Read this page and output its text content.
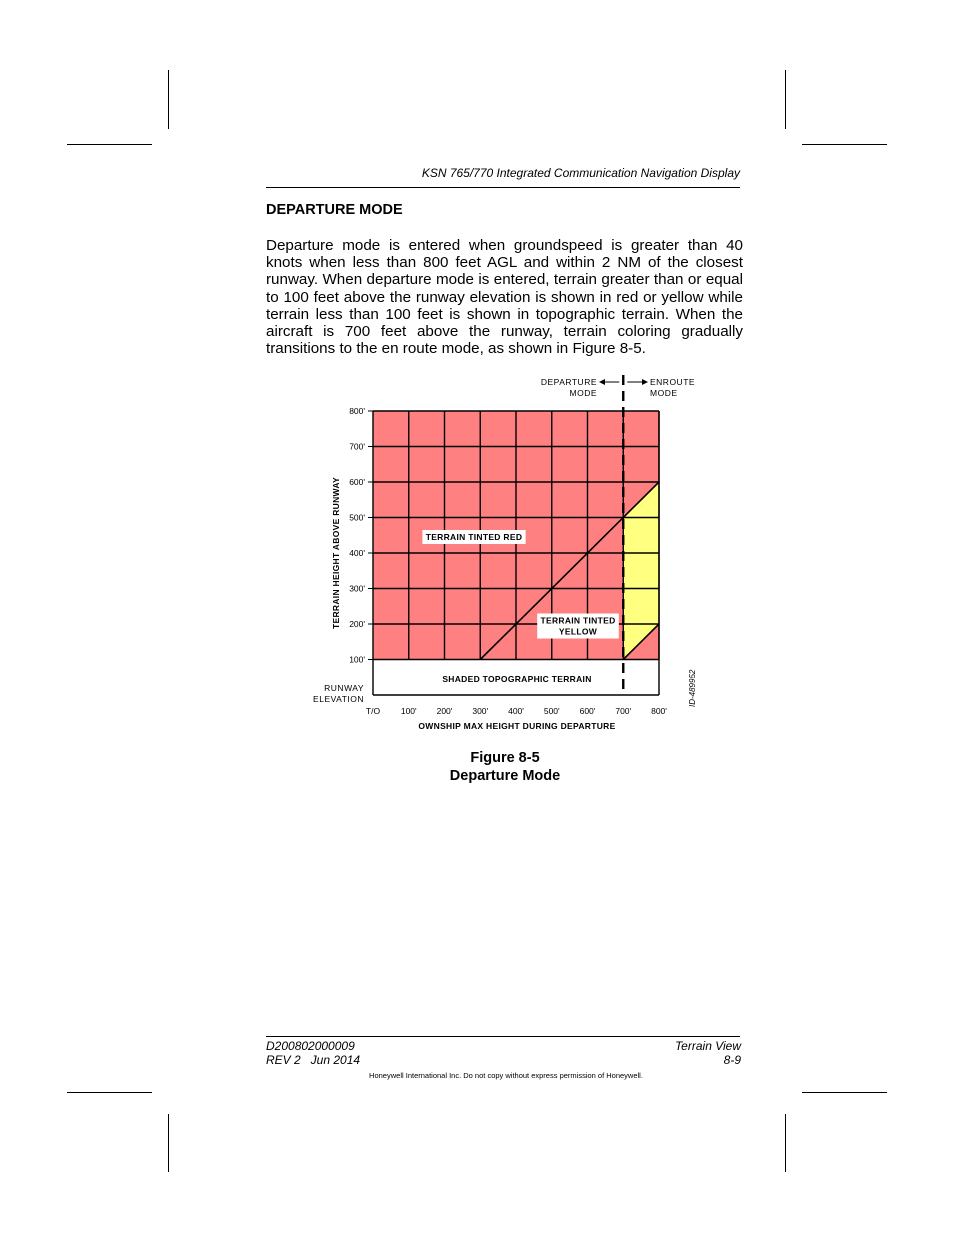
KSN 765/770 Integrated Communication Navigation Display
DEPARTURE MODE
Departure mode is entered when groundspeed is greater than 40 knots when less than 800 feet AGL and within 2 NM of the closest runway. When departure mode is entered, terrain greater than or equal to 100 feet above the runway elevation is shown in red or yellow while terrain less than 100 feet is shown in topographic terrain. When the aircraft is 700 feet above the runway, terrain coloring gradually transitions to the en route mode, as shown in Figure 8-5.
DEPARTURE
MODE
ENROUTE
MODE
100'
200'
300'
400'
500'
600'
700'
800'
RUNWAY
ELEVATION
T/O 100' 200' 300' 400' 500' 600' 700' 800'
OWNSHIP MAX HEIGHT DURING DEPARTURE
TERRAIN HEIGHT ABOVE RUNWAY	TERRAIN TINTED RED
TERRAIN TINTED
YELLOW
SHADED TOPOGRAPHIC TERRAIN	ID-489952
Figure 8-5
Departure Mode
D200802000009
REV 2   Jun 2014
Terrain View
8-9
Honeywell International Inc. Do not copy without express permission of Honeywell.
